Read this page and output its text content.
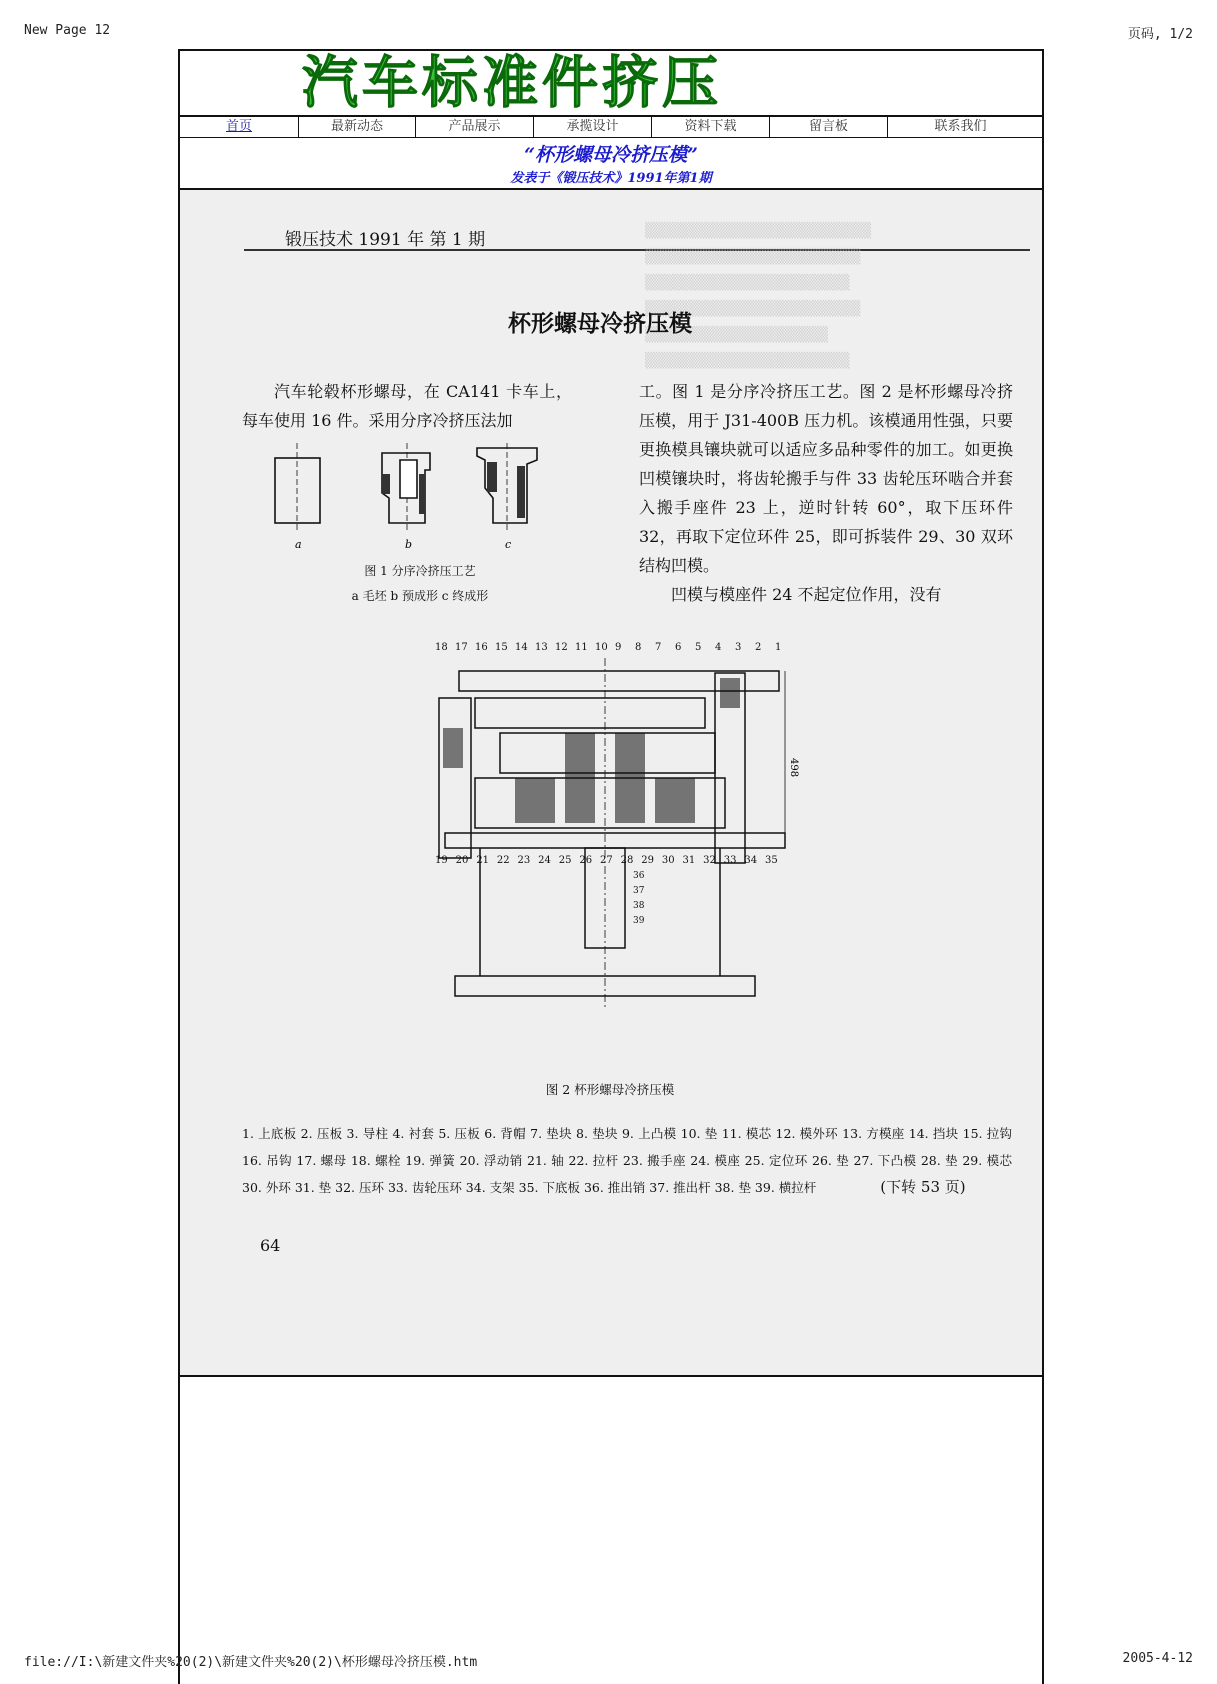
New Page 12	页码, 1/2
汽车标准件挤压
首页	最新动态	产品展示	承揽设计	资料下载	留言板	联系我们
“杯形螺母冷挤压模”
发表于《锻压技术》1991年第1期
锻压技术 1991 年 第 1 期	▒▒▒▒▒▒▒▒▒▒▒▒▒▒▒▒▒▒▒▒▒
▒▒▒▒▒▒▒▒▒▒▒▒▒▒▒▒▒▒▒▒
▒▒▒▒▒▒▒▒▒▒▒▒▒▒▒▒▒▒▒
▒▒▒▒▒▒▒▒▒▒▒▒▒▒▒▒▒▒▒▒
▒▒▒▒▒▒▒▒▒▒▒▒▒▒▒▒▒
▒▒▒▒▒▒▒▒▒▒▒▒▒▒▒▒▒▒▒
杯形螺母冷挤压模
汽车轮毂杯形螺母，在 CA141 卡车上，每车使用 16 件。采用分序冷挤压法加
工。图 1 是分序冷挤压工艺。图 2 是杯形螺母冷挤压模，用于 J31-400B 压力机。该模通用性强，只要更换模具镶块就可以适应多品种零件的加工。如更换凹模镶块时，将齿轮搬手与件 33 齿轮压环啮合并套入搬手座件 23 上，逆时针转 60°，取下压环件 32，再取下定位环件 25，即可拆装件 29、30 双环结构凹模。
凹模与模座件 24 不起定位作用，没有
a	b	c
图 1 分序冷挤压工艺
a 毛坯 b 预成形 c 终成形
18 17 16 15 14 13 12 11 10 9 8 7 6 5 4 3 2 1
19 20 21 22 23 24 25 26 27 28 29 30 31 32 33 34 35
36
37
38
39
498
图 2 杯形螺母冷挤压模
1. 上底板 2. 压板 3. 导柱 4. 衬套 5. 压板 6. 背帽 7. 垫块 8. 垫块 9. 上凸模 10. 垫 11. 模芯 12. 模外环 13. 方模座 14. 挡块 15. 拉钩 16. 吊钩 17. 螺母 18. 螺栓 19. 弹簧 20. 浮动销 21. 轴 22. 拉杆 23. 搬手座 24. 模座 25. 定位环 26. 垫 27. 下凸模 28. 垫 29. 模芯 30. 外环 31. 垫 32. 压环 33. 齿轮压环 34. 支架 35. 下底板 36. 推出销 37. 推出杆 38. 垫 39. 横拉杆	(下转 53 页)
64
file://I:\新建文件夹%20(2)\新建文件夹%20(2)\杯形螺母冷挤压模.htm	2005-4-12
